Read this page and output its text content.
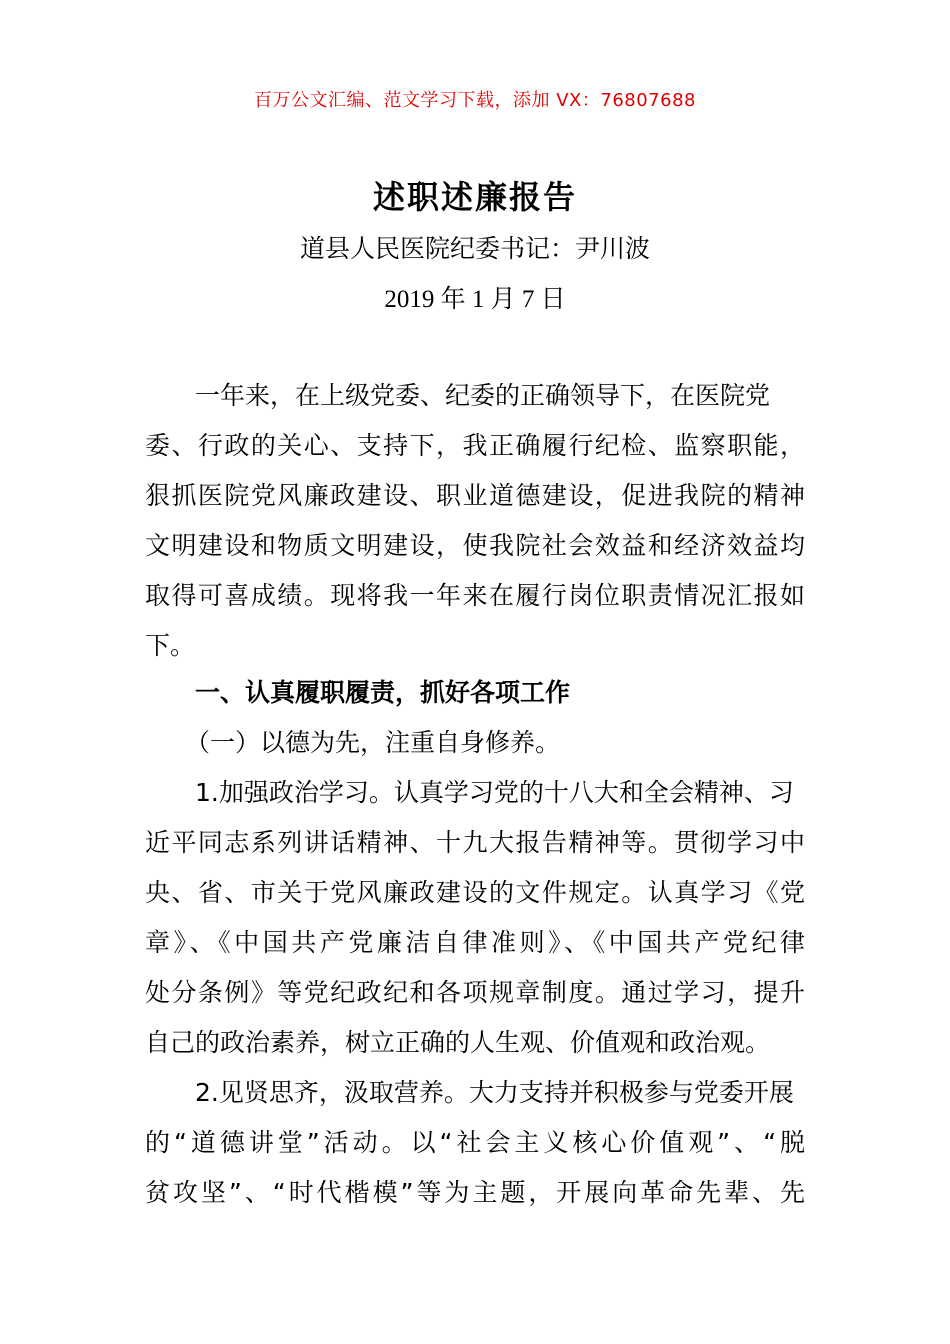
百万公文汇编、范文学习下载，添加 VX：76807688
述职述廉报告
道县人民医院纪委书记：尹川波
2019 年 1 月 7 日
一年来，在上级党委、纪委的正确领导下，在医院党
委、行政的关心、支持下，我正确履行纪检、监察职能，
狠抓医院党风廉政建设、职业道德建设，促进我院的精神
文明建设和物质文明建设，使我院社会效益和经济效益均
取得可喜成绩。现将我一年来在履行岗位职责情况汇报如
下。
一、认真履职履责，抓好各项工作
（一）以德为先，注重自身修养。
1.加强政治学习。认真学习党的十八大和全会精神、习
近平同志系列讲话精神、十九大报告精神等。贯彻学习中
央、省、市关于党风廉政建设的文件规定。认真学习《党
章》、《中国共产党廉洁自律准则》、《中国共产党纪律
处分条例》等党纪政纪和各项规章制度。通过学习，提升
自己的政治素养，树立正确的人生观、价值观和政治观。
2.见贤思齐，汲取营养。大力支持并积极参与党委开展
的“道德讲堂”活动。以“社会主义核心价值观”、“脱
贫攻坚”、“时代楷模”等为主题，开展向革命先辈、先
